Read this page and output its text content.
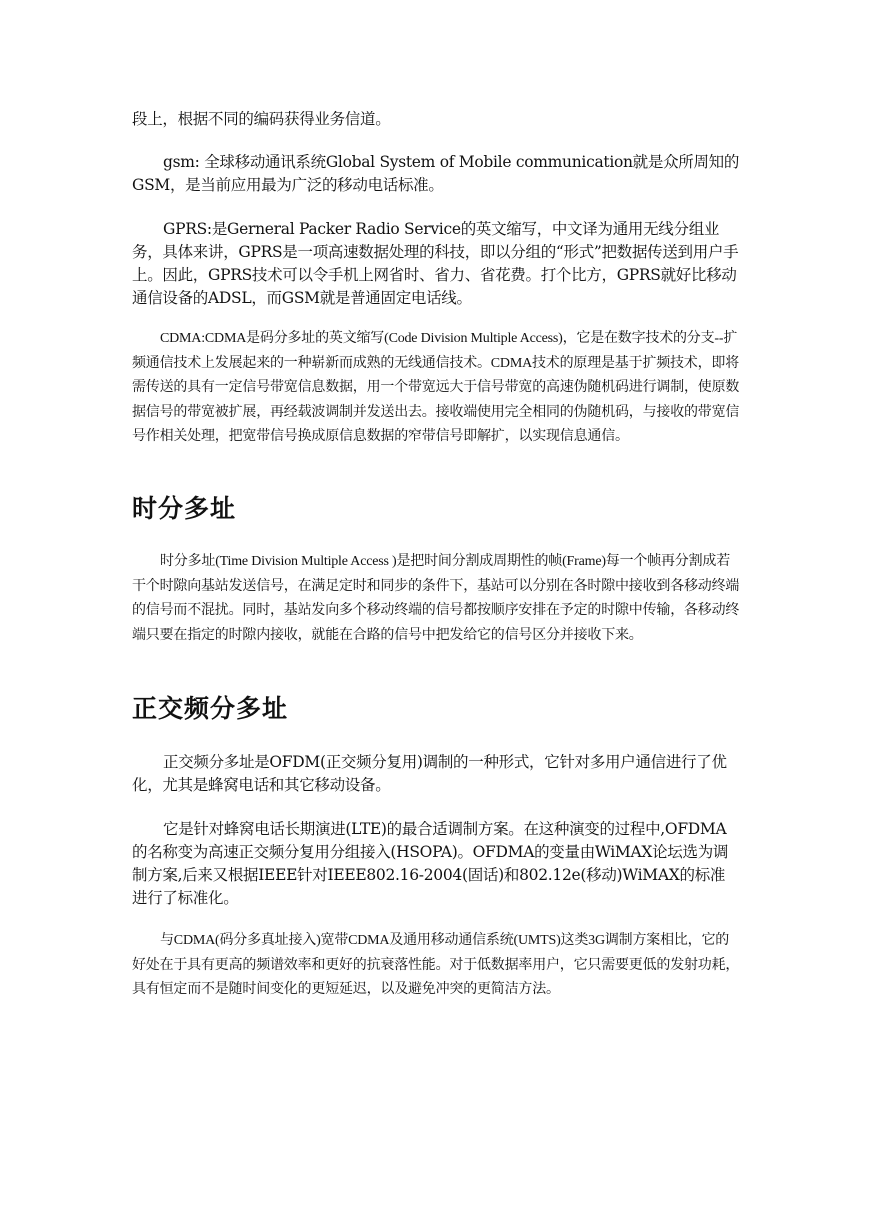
段上，根据不同的编码获得业务信道。

gsm: 全球移动通讯系统Global System of Mobile communication就是众所周知的GSM，是当前应用最为广泛的移动电话标准。

GPRS:是Gerneral Packer Radio Service的英文缩写，中文译为通用无线分组业务，具体来讲，GPRS是一项高速数据处理的科技，即以分组的“形式”把数据传送到用户手上。因此，GPRS技术可以令手机上网省时、省力、省花费。打个比方，GPRS就好比移动通信设备的ADSL，而GSM就是普通固定电话线。

CDMA:CDMA是码分多址的英文缩写(Code Division Multiple Access)，它是在数字技术的分支--扩频通信技术上发展起来的一种崭新而成熟的无线通信技术。CDMA技术的原理是基于扩频技术，即将需传送的具有一定信号带宽信息数据，用一个带宽远大于信号带宽的高速伪随机码进行调制，使原数据信号的带宽被扩展，再经载波调制并发送出去。接收端使用完全相同的伪随机码，与接收的带宽信号作相关处理，把宽带信号换成原信息数据的窄带信号即解扩，以实现信息通信。

时分多址

时分多址(Time Division Multiple Access )是把时间分割成周期性的帧(Frame)每一个帧再分割成若干个时隙向基站发送信号，在满足定时和同步的条件下，基站可以分别在各时隙中接收到各移动终端的信号而不混扰。同时，基站发向多个移动终端的信号都按顺序安排在予定的时隙中传输，各移动终端只要在指定的时隙内接收，就能在合路的信号中把发给它的信号区分并接收下来。

正交频分多址

正交频分多址是OFDM(正交频分复用)调制的一种形式，它针对多用户通信进行了优化，尤其是蜂窝电话和其它移动设备。

它是针对蜂窝电话长期演进(LTE)的最合适调制方案。在这种演变的过程中,OFDMA的名称变为高速正交频分复用分组接入(HSOPA)。OFDMA的变量由WiMAX论坛选为调制方案,后来又根据IEEE针对IEEE802.16-2004(固话)和802.12e(移动)WiMAX的标准进行了标准化。

与CDMA(码分多真址接入)宽带CDMA及通用移动通信系统(UMTS)这类3G调制方案相比，它的好处在于具有更高的频谱效率和更好的抗衰落性能。对于低数据率用户，它只需要更低的发射功耗，具有恒定而不是随时间变化的更短延迟，以及避免冲突的更简洁方法。
